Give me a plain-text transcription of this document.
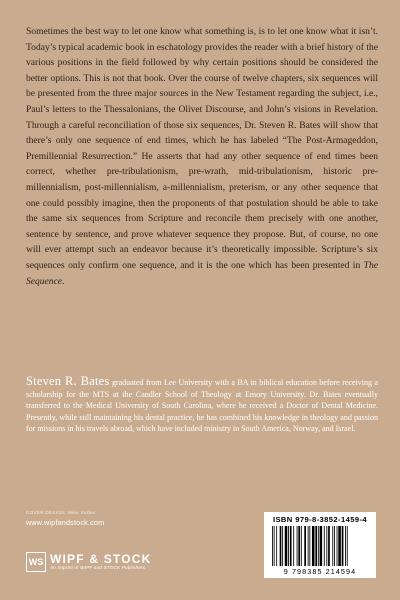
Sometimes the best way to let one know what something is, is to let one know what it isn’t. Today’s typical academic book in eschatology provides the reader with a brief history of the various positions in the field followed by why certain positions should be considered the better options. This is not that book. Over the course of twelve chapters, six sequences will be presented from the three major sources in the New Testament regarding the subject, i.e., Paul’s letters to the Thessalonians, the Olivet Discourse, and John’s visions in Revelation. Through a careful reconciliation of those six sequences, Dr. Steven R. Bates will show that there’s only one sequence of end times, which he has labeled “The Post-Armageddon, Premillennial Resurrection.” He asserts that had any other sequence of end times been correct, whether pre-tribulationism, pre-wrath, mid-tribulationism, historic pre-millennialism, post-millennialism, a-millennialism, preterism, or any other sequence that one could possibly imagine, then the proponents of that postulation should be able to take the same six sequences from Scripture and reconcile them precisely with one another, sentence by sentence, and prove whatever sequence they propose. But, of course, no one will ever attempt such an endeavor because it’s theoretically impossible. Scripture’s six sequences only confirm one sequence, and it is the one which has been presented in The Sequence.

Steven R. Bates graduated from Lee University with a BA in biblical education before receiving a scholarship for the MTS at the Candler School of Theology at Emory University. Dr. Bates eventually transferred to the Medical University of South Carolina, where he received a Doctor of Dental Medicine. Presently, while still maintaining his dental practice, he has combined his knowledge in theology and passion for missions in his travels abroad, which have included ministry in South America, Norway, and Israel.

COVER DESIGN: Mike Surber
www.wipfandstock.com
WS WIPF & STOCK
An Imprint of WIPF and STOCK Publishers
ISBN 979-8-3852-1459-4
9 798385 214594
